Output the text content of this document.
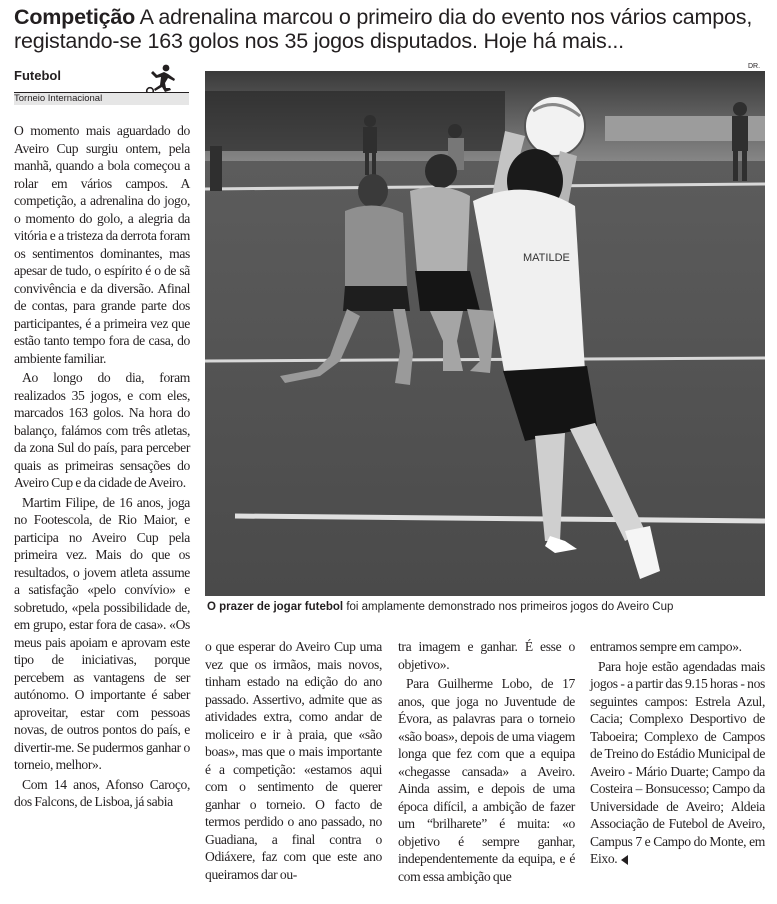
Competição A adrenalina marcou o primeiro dia do evento nos vários campos, registando-se 163 golos nos 35 jogos disputados. Hoje há mais...
Futebol
Torneio Internacional
DR.
MATILDE
O prazer de jogar futebol foi amplamente demonstrado nos primeiros jogos do Aveiro Cup

O momento mais aguardado do Aveiro Cup surgiu ontem, pela manhã, quando a bola começou a rolar em vários campos. A competição, a adrenalina do jogo, o momento do golo, a alegria da vitória e a tristeza da derrota foram os sentimentos dominantes, mas apesar de tudo, o espírito é o de sã convivência e da diversão. Afinal de contas, para grande parte dos participantes, é a primeira vez que estão tanto tempo fora de casa, do ambiente familiar.

Ao longo do dia, foram realizados 35 jogos, e com eles, marcados 163 golos. Na hora do balanço, falámos com três atletas, da zona Sul do país, para perceber quais as primeiras sensações do Aveiro Cup e da cidade de Aveiro.

Martim Filipe, de 16 anos, joga no Footescola, de Rio Maior, e participa no Aveiro Cup pela primeira vez. Mais do que os resultados, o jovem atleta assume a satisfação «pelo convívio» e sobretudo, «pela possibilidade de, em grupo, estar fora de casa». «Os meus pais apoiam e aprovam este tipo de iniciativas, porque percebem as vantagens de ser autónomo. O importante é saber aproveitar, estar com pessoas novas, de outros pontos do país, e divertir-me. Se pudermos ganhar o torneio, melhor».

Com 14 anos, Afonso Caroço, dos Falcons, de Lisboa, já sabia

o que esperar do Aveiro Cup uma vez que os irmãos, mais novos, tinham estado na edição do ano passado. Assertivo, admite que as atividades extra, como andar de moliceiro e ir à praia, que «são boas», mas que o mais importante é a competição: «estamos aqui com o sentimento de querer ganhar o torneio. O facto de termos perdido o ano passado, no Guadiana, a final contra o Odiáxere, faz com que este ano queiramos dar ou-

tra imagem e ganhar. É esse o objetivo».

Para Guilherme Lobo, de 17 anos, que joga no Juventude de Évora, as palavras para o torneio «são boas», depois de uma viagem longa que fez com que a equipa «chegasse cansada» a Aveiro. Ainda assim, e depois de uma época difícil, a ambição de fazer um “brilharete” é muita: «o objetivo é sempre ganhar, independentemente da equipa, e é com essa ambição que

entramos sempre em campo».

Para hoje estão agendadas mais jogos - a partir das 9.15 horas - nos seguintes campos: Estrela Azul, Cacia; Complexo Desportivo de Taboeira; Complexo de Campos de Treino do Estádio Municipal de Aveiro - Mário Duarte; Campo da Costeira – Bonsucesso; Campo da Universidade de Aveiro; Aldeia Associação de Futebol de Aveiro, Campus 7 e Campo do Monte, em Eixo.
